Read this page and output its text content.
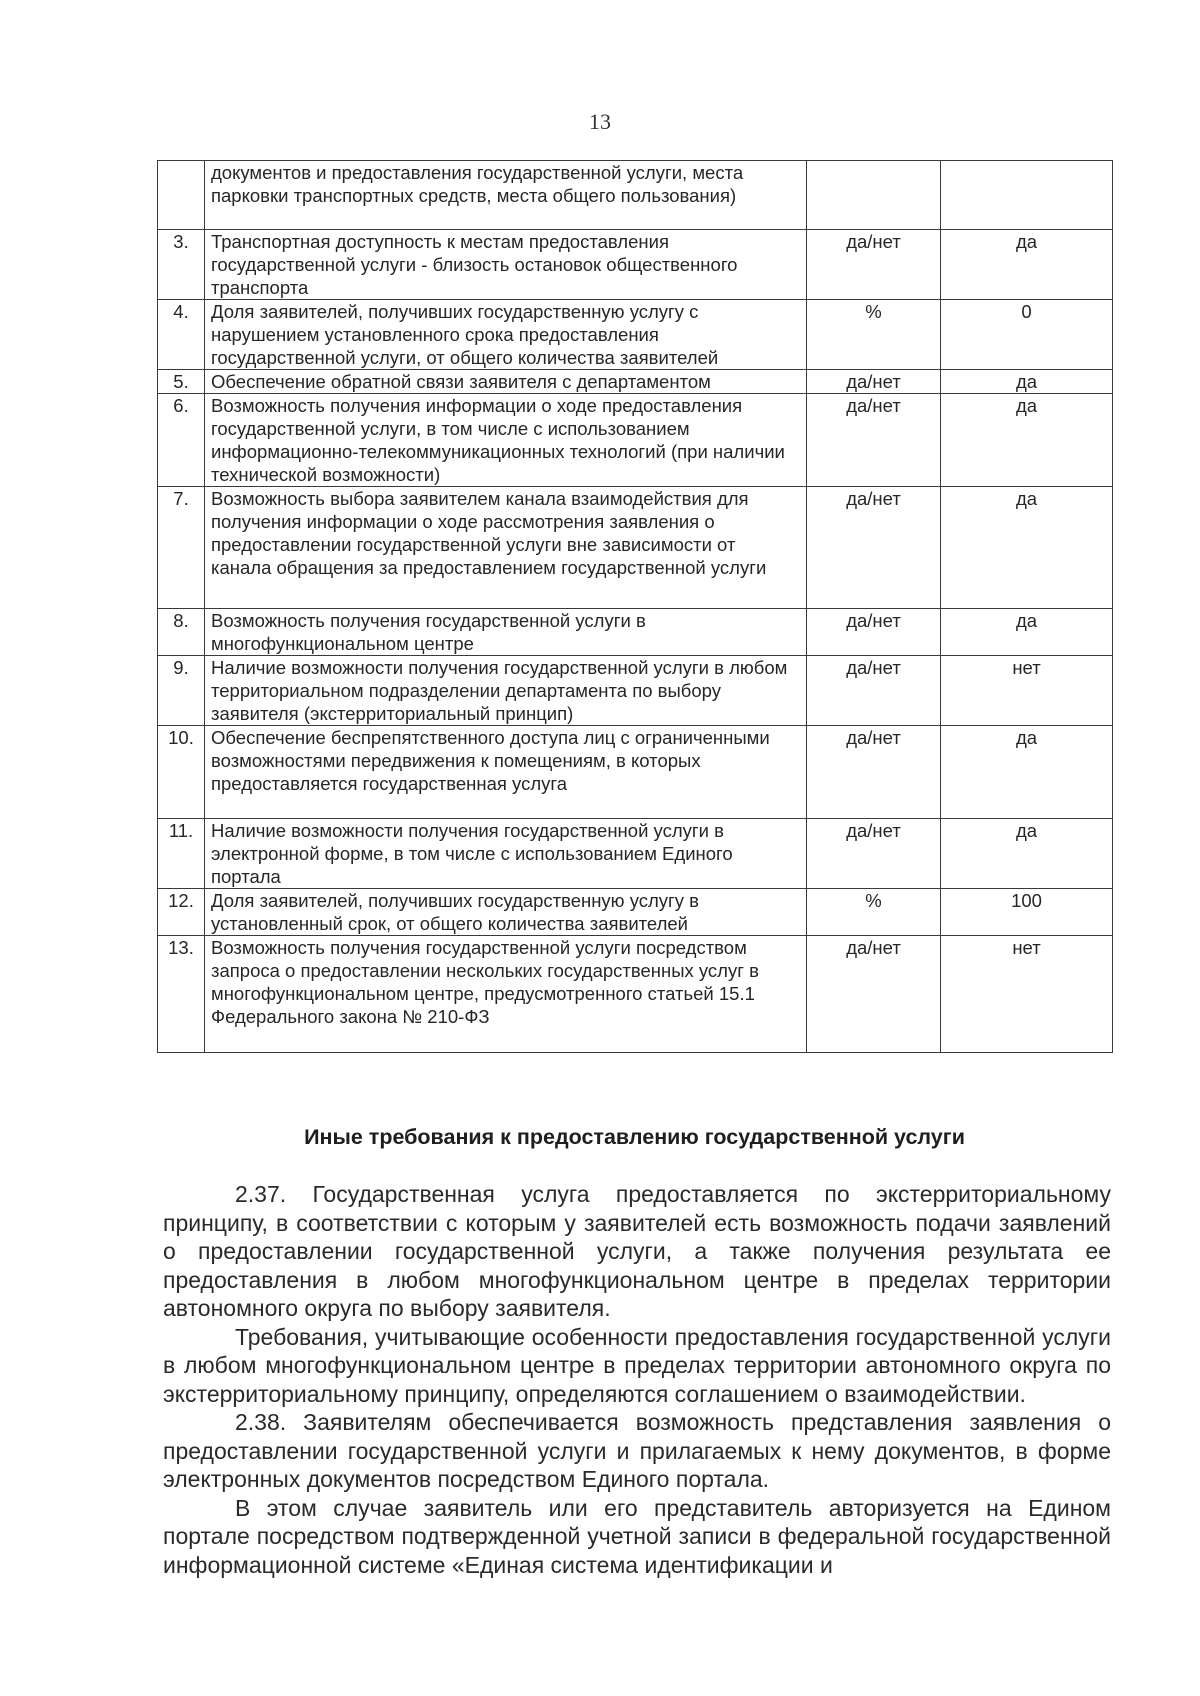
13
	документов и предоставления государственной услуги, места парковки транспортных средств, места общего пользования)		
3.	Транспортная доступность к местам предоставления государственной услуги - близость остановок общественного транспорта	да/нет	да
4.	Доля заявителей, получивших государственную услугу с нарушением установленного срока предоставления государственной услуги, от общего количества заявителей	%	0
5.	Обеспечение обратной связи заявителя с департаментом	да/нет	да
6.	Возможность получения информации о ходе предоставления государственной услуги, в том числе с использованием информационно-телекоммуникационных технологий (при наличии технической возможности)	да/нет	да
7.	Возможность выбора заявителем канала взаимодействия для получения информации о ходе рассмотрения заявления о предоставлении государственной услуги вне зависимости от канала обращения за предоставлением государственной услуги	да/нет	да
8.	Возможность получения государственной услуги в многофункциональном центре	да/нет	да
9.	Наличие возможности получения государственной услуги в любом территориальном подразделении департамента по выбору заявителя (экстерриториальный принцип)	да/нет	нет
10.	Обеспечение беспрепятственного доступа лиц с ограниченными возможностями передвижения к помещениям, в которых предоставляется государственная услуга	да/нет	да
11.	Наличие возможности получения государственной услуги в электронной форме, в том числе с использованием Единого портала	да/нет	да
12.	Доля заявителей, получивших государственную услугу в установленный срок, от общего количества заявителей	%	100
13.	Возможность получения государственной услуги посредством запроса о предоставлении нескольких государственных услуг в многофункциональном центре, предусмотренного статьей 15.1 Федерального закона № 210-ФЗ	да/нет	нет
Иные требования к предоставлению государственной услуги

2.37. Государственная услуга предоставляется по экстерриториальному принципу, в соответствии с которым у заявителей есть возможность подачи заявлений о предоставлении государственной услуги, а также получения результата ее предоставления в любом многофункциональном центре в пределах территории автономного округа по выбору заявителя.

Требования, учитывающие особенности предоставления государственной услуги в любом многофункциональном центре в пределах территории автономного округа по экстерриториальному принципу, определяются соглашением о взаимодействии.

2.38. Заявителям обеспечивается возможность представления заявления о предоставлении государственной услуги и прилагаемых к нему документов, в форме электронных документов посредством Единого портала.

В этом случае заявитель или его представитель авторизуется на Едином портале посредством подтвержденной учетной записи в федеральной государственной информационной системе «Единая система идентификации и
